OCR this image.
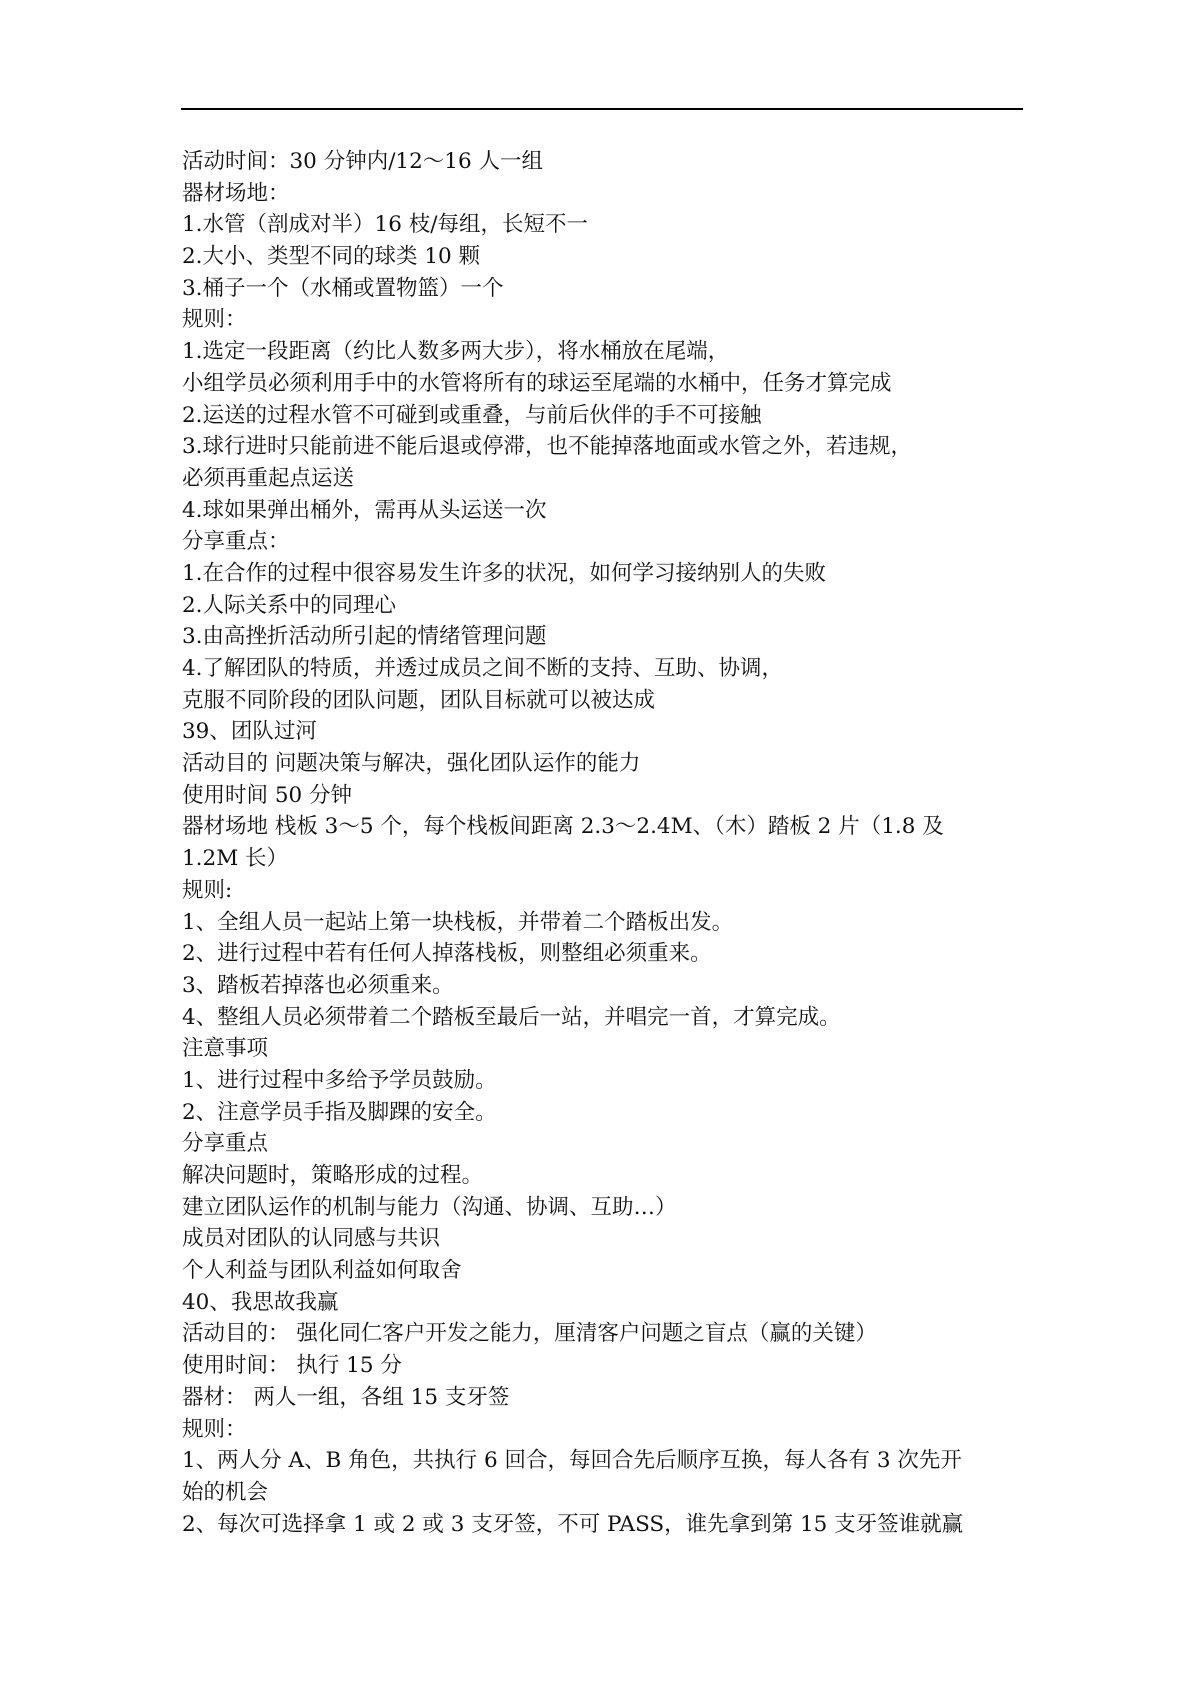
活动时间：30 分钟内/12～16 人一组
器材场地：
1.水管（剖成对半）16 枝/每组，长短不一
2.大小、类型不同的球类 10 颗
3.桶子一个（水桶或置物篮）一个
规则：
1.选定一段距离（约比人数多两大步），将水桶放在尾端，
小组学员必须利用手中的水管将所有的球运至尾端的水桶中，任务才算完成
2.运送的过程水管不可碰到或重叠，与前后伙伴的手不可接触
3.球行进时只能前进不能后退或停滞，也不能掉落地面或水管之外，若违规，
必须再重起点运送
4.球如果弹出桶外，需再从头运送一次
分享重点：
1.在合作的过程中很容易发生许多的状况，如何学习接纳别人的失败
2.人际关系中的同理心
3.由高挫折活动所引起的情绪管理问题
4.了解团队的特质，并透过成员之间不断的支持、互助、协调，
克服不同阶段的团队问题，团队目标就可以被达成
39、团队过河
活动目的 问题决策与解决，强化团队运作的能力
使用时间 50 分钟
器材场地 栈板 3～5 个，每个栈板间距离 2.3～2.4M、（木）踏板 2 片（1.8 及
1.2M 长）
规则:
1、全组人员一起站上第一块栈板，并带着二个踏板出发。
2、进行过程中若有任何人掉落栈板，则整组必须重来。
3、踏板若掉落也必须重来。
4、整组人员必须带着二个踏板至最后一站，并唱完一首，才算完成。
注意事项
1、进行过程中多给予学员鼓励。
2、注意学员手指及脚踝的安全。
分享重点
解决问题时，策略形成的过程。
建立团队运作的机制与能力（沟通、协调、互助…）
成员对团队的认同感与共识
个人利益与团队利益如何取舍
40、我思故我赢
活动目的： 强化同仁客户开发之能力，厘清客户问题之盲点（赢的关键）
使用时间： 执行 15 分
器材： 两人一组，各组 15 支牙签
规则：
1、两人分 A、B 角色，共执行 6 回合，每回合先后顺序互换，每人各有 3 次先开
始的机会
2、每次可选择拿 1 或 2 或 3 支牙签，不可 PASS，谁先拿到第 15 支牙签谁就赢
